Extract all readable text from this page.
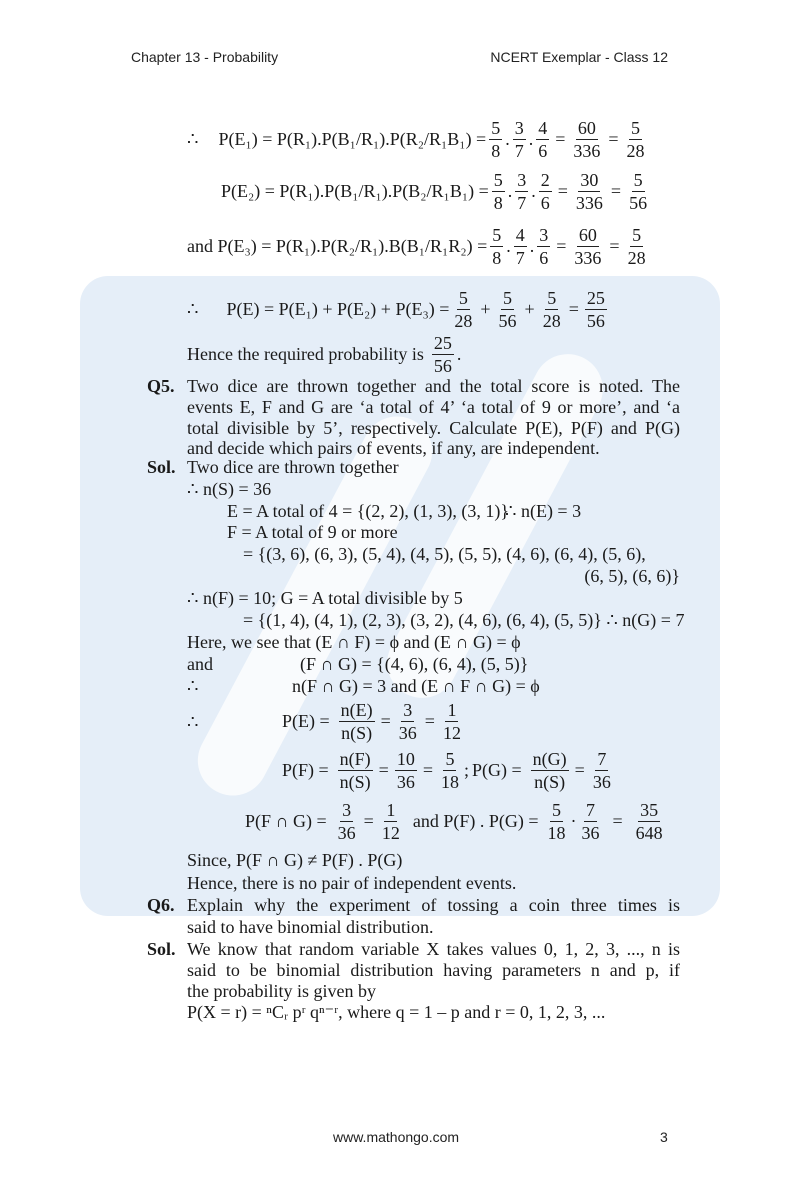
Chapter 13 - Probability	NCERT Exemplar - Class 12
∴ $P(E_1) = P(R_1).P(B_1/R_1).P(R_2/R_1B_1) = \frac{5}{8}$ .
3
7
. $\frac{4}{6} = \frac{60}{336} = \frac{5}{28}$
$P(E_2) = P(R_1).P(B_1/R_1).P(B_2/R_1B_1) = \frac{5}{8}$ .
3
7
. $\frac{2}{6} = \frac{30}{336} = \frac{5}{56}$
and $P(E_3) = P(R_1).P(R_2/R_1).B(B_1/R_1R_2) = \frac{5}{8}$ .
4
7
. $\frac{3}{6} = \frac{60}{336} = \frac{5}{28}$
∴ $P(E) = P(E_1) + P(E_2) + P(E_3) = \frac{5}{28} + \frac{5}{56} + \frac{5}{28} = \frac{25}{56}$
Hence the required probability is
25
56
.
Q5. Two dice are thrown together and the total score is noted. The
events E, F and G are ‘a total of 4’ ‘a total of 9 or more’, and ‘a
total divisible by 5’, respectively. Calculate P(E), P(F) and P(G)
and decide which pairs of events, if any, are independent.
Sol. Two dice are thrown together
∴ n(S) = 36
E = A total of 4 = {(2, 2), (1, 3), (3, 1)}
∴ n(E) = 3
F = A total of 9 or more
= {(3, 6), (6, 3), (5, 4), (4, 5), (5, 5), (4, 6), (6, 4), (5, 6),
(6, 5), (6, 6)}
∴ n(F) = 10; G = A total divisible by 5
= {(1, 4), (4, 1), (2, 3), (3, 2), (4, 6), (6, 4), (5, 5)} ∴ n(G) = 7
Here, we see that (E ∩ F) = ϕ and (E ∩ G) = ϕ
and	(F ∩ G) = {(4, 6), (6, 4), (5, 5)}
∴	n(F ∩ G) = 3 and (E ∩ F ∩ G) = ϕ
∴	$P(E) = \frac{n(E)}{n(S)} = \frac{3}{36} = \frac{1}{12}$
$P(F) = \frac{n(F)}{n(S)} = \frac{10}{36} = \frac{5}{18}$ ; $P(G) = \frac{n(G)}{n(S)} = \frac{7}{36}$
P(F ∩ $G) = \frac{3}{36} = \frac{1}{12}$ and P(F) . $P(G) = \frac{5}{18} \cdot \frac{7}{36} = \frac{35}{648}$
Since, P(F ∩ G) ≠ P(F) . P(G)
Hence, there is no pair of independent events.
Q6. Explain why the experiment of tossing a coin three times is
said to have binomial distribution.
Sol. We know that random variable X takes values 0, 1, 2, 3, ..., n is
said to be binomial distribution having parameters n and p, if
the probability is given by
P(X = r) = ⁿCᵣ pʳ qⁿ⁻ʳ, where q = 1 – p and r = 0, 1, 2, 3, ...
www.mathongo.com	3
